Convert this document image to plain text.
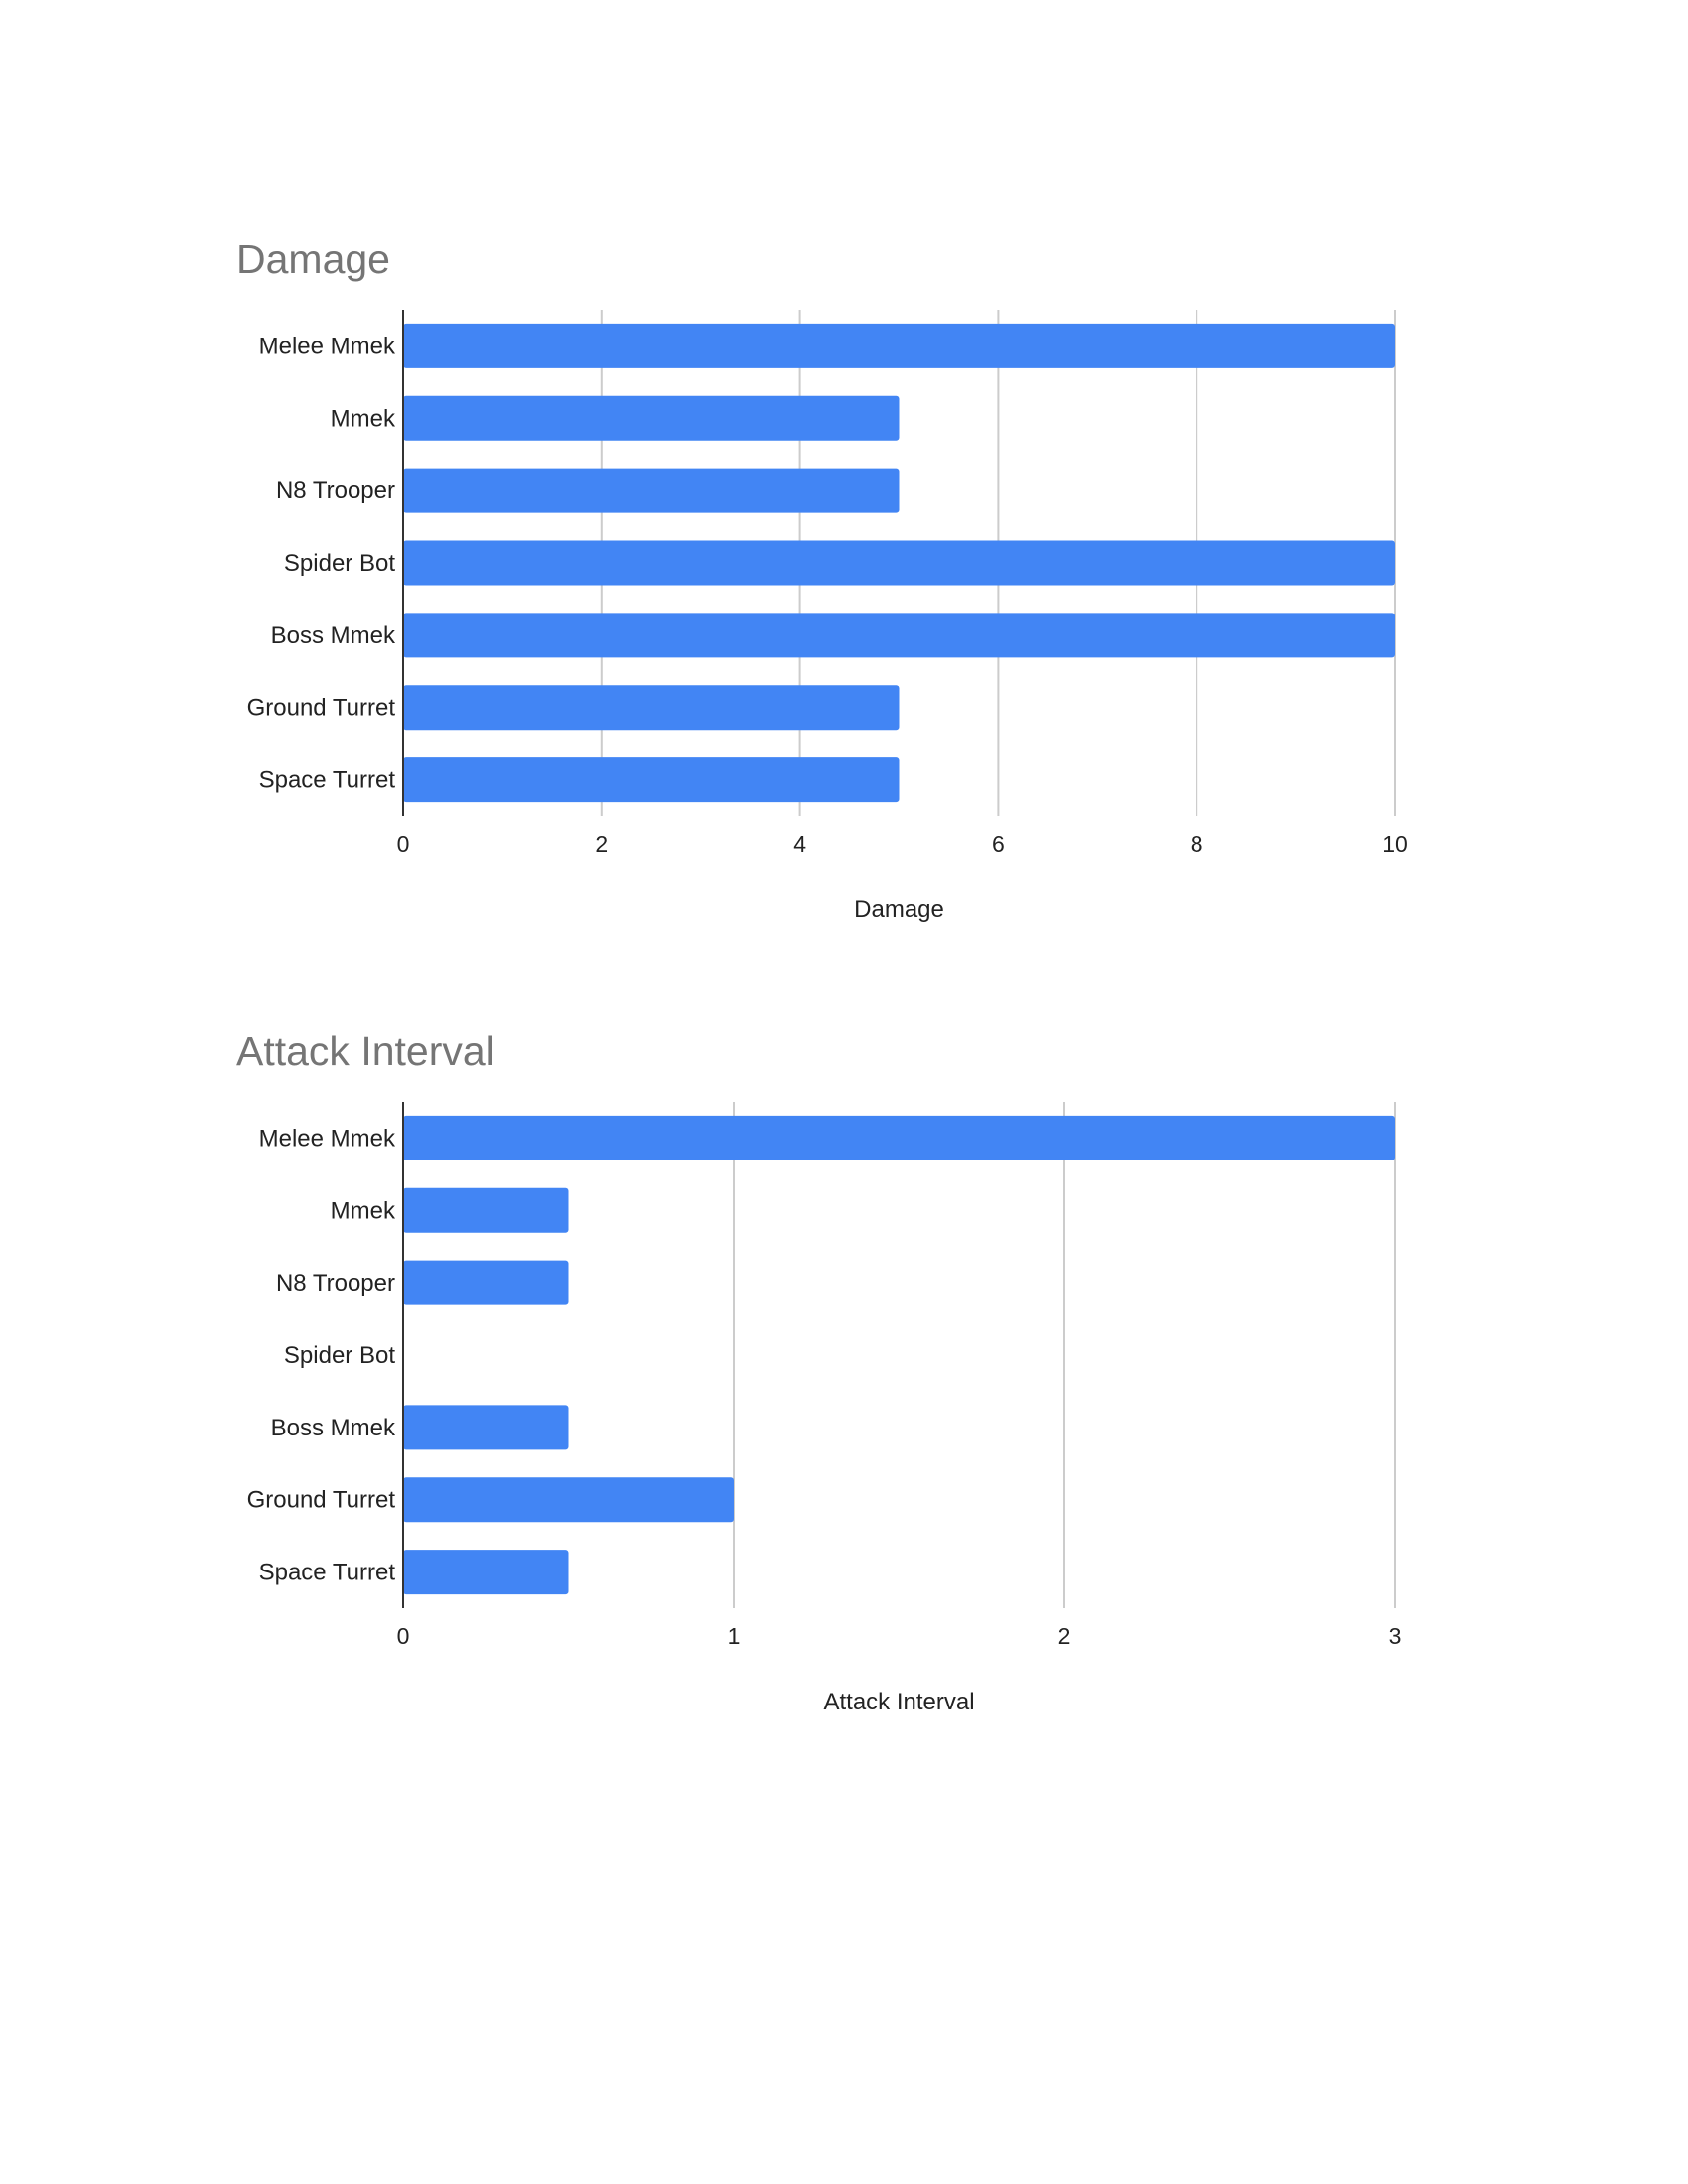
Damage
0	2	4	6	8	10
Melee Mmek
Mmek
N8 Trooper
Spider Bot
Boss Mmek
Ground Turret
Space Turret
Damage
Attack Interval
0	1	2	3
Melee Mmek
Mmek
N8 Trooper
Spider Bot
Boss Mmek
Ground Turret
Space Turret
Attack Interval
